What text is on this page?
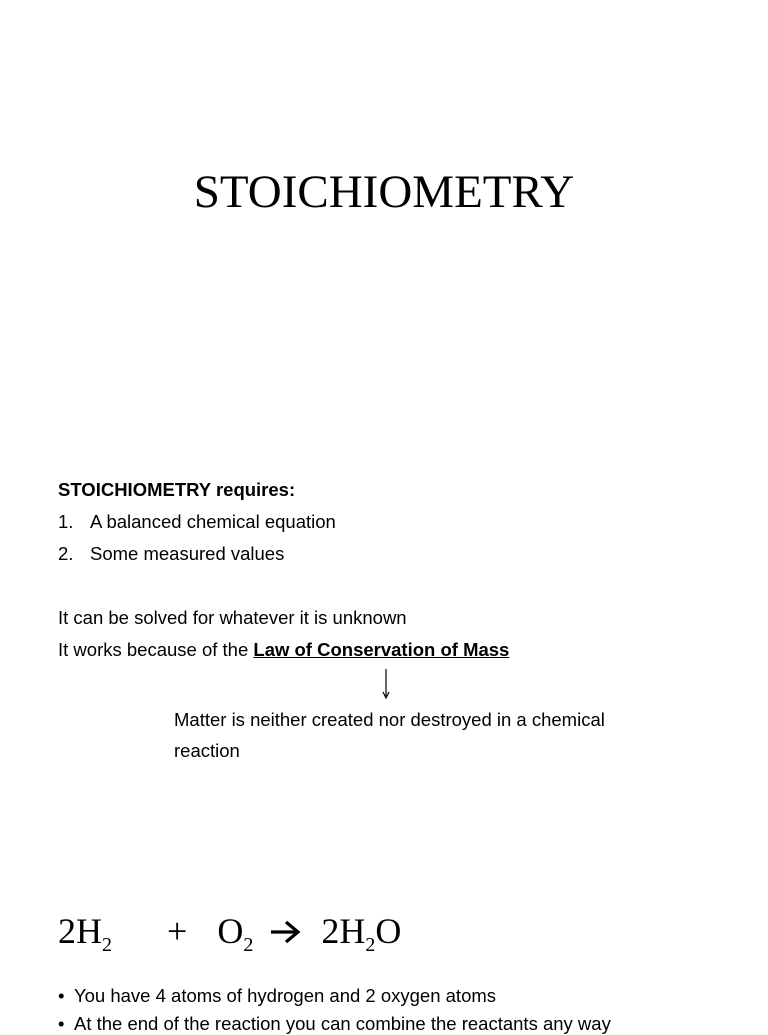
STOICHIOMETRY
STOICHIOMETRY requires:
1. A balanced chemical equation
2. Some measured values
It can be solved for whatever it is unknown
It works because of the Law of Conservation of Mass
Matter is neither created nor destroyed in a chemical reaction
$2H_2 + O_2$ $2H_2O$
• You have 4 atoms of hydrogen and 2 oxygen atoms
• At the end of the reaction you can combine the reactants any way
